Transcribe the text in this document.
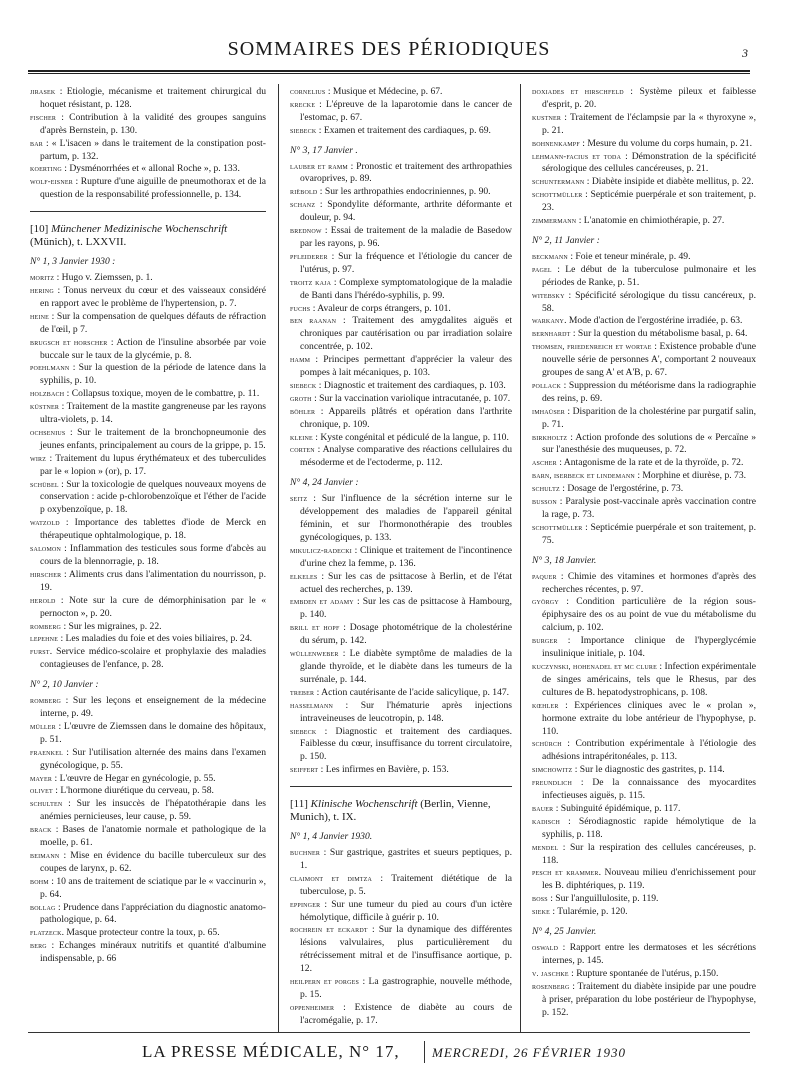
SOMMAIRES DES PÉRIODIQUES	3

jirasek : Etiologie, mécanisme et traitement chirurgical du hoquet résistant, p. 128.

fischer : Contribution à la validité des groupes sanguins d'après Bernstein, p. 130.

bar : « L'isacen » dans le traitement de la constipation post-partum, p. 132.

koerting : Dysménorrhées et « allonal Roche », p. 133.

wolf-eisner : Rupture d'une aiguille de pneumothorax et de la question de la responsabilité professionnelle, p. 134.

[10] Münchener Medizinische Wochenschrift (Münich), t. LXXVII.

N° 1, 3 Janvier 1930 :

moritz : Hugo v. Ziemssen, p. 1.

hering : Tonus nerveux du cœur et des vaisseaux considéré en rapport avec le problème de l'hypertension, p. 7.

heine : Sur la compensation de quelques défauts de réfraction de l'œil, p 7.

brugsch et horscher : Action de l'insuline absorbée par voie buccale sur le taux de la glycémie, p. 8.

poehlmann : Sur la question de la période de latence dans la syphilis, p. 10.

holzbach : Collapsus toxique, moyen de le combattre, p. 11.

küstner : Traitement de la mastite gangreneuse par les rayons ultra-violets, p. 14.

ochsenius : Sur le traitement de la bronchopneumonie des jeunes enfants, principalement au cours de la grippe, p. 15.

wirz : Traitement du lupus érythémateux et des tuberculides par le « lopion » (or), p. 17.

schübel : Sur la toxicologie de quelques nouveaux moyens de conservation : acide p-chlorobenzoïque et l'éther de l'acide p oxybenzoïque, p. 18.

watzold : Importance des tablettes d'iode de Merck en thérapeutique ophtalmologique, p. 18.

salomon : Inflammation des testicules sous forme d'abcès au cours de la blennorragie, p. 18.

hirscher : Aliments crus dans l'alimentation du nourrisson, p. 19.

herold : Note sur la cure de démorphinisation par le « pernocton », p. 20.

romberg : Sur les migraines, p. 22.

lepehne : Les maladies du foie et des voies biliaires, p. 24.

furst. Service médico-scolaire et prophylaxie des maladies contagieuses de l'enfance, p. 28.

N° 2, 10 Janvier :

romberg : Sur les leçons et enseignement de la médecine interne, p. 49.

müller : L'œuvre de Ziemssen dans le domaine des hôpitaux, p. 51.

fraenkel : Sur l'utilisation alternée des mains dans l'examen gynécologique, p. 55.

mayer : L'œuvre de Hegar en gynécologie, p. 55.

olivet : L'hormone diurétique du cerveau, p. 58.

schulten : Sur les insuccès de l'hépatothérapie dans les anémies pernicieuses, leur cause, p. 59.

brack : Bases de l'anatomie normale et pathologique de la moelle, p. 61.

beimann : Mise en évidence du bacille tuberculeux sur des coupes de larynx, p. 62.

bohm : 10 ans de traitement de sciatique par le « vaccinurin », p. 64.

bollag : Prudence dans l'appréciation du diagnostic anatomo-pathologique, p. 64.

flatzeck. Masque protecteur contre la toux, p. 65.

berg : Echanges minéraux nutritifs et quantité d'albumine indispensable, p. 66

cornelius : Musique et Médecine, p. 67.

krecke : L'épreuve de la laparotomie dans le cancer de l'estomac, p. 67.

siebeck : Examen et traitement des cardiaques, p. 69.

N° 3, 17 Janvier .

lauber et ramm : Pronostic et traitement des arthropathies ovaroprives, p. 89.

riëbold : Sur les arthropathies endocriniennes, p. 90.

schanz : Spondylite déformante, arthrite déformante et douleur, p. 94.

brednow : Essai de traitement de la maladie de Basedow par les rayons, p. 96.

pfleiderer : Sur la fréquence et l'étiologie du cancer de l'utérus, p. 97.

troitz kaja : Complexe symptomatologique de la maladie de Banti dans l'hérédo-syphilis, p. 99.

fuchs : Avaleur de corps étrangers, p. 101.

ben raanan : Traitement des amygdalites aiguës et chroniques par cautérisation ou par irradiation solaire concentrée, p. 102.

hamm : Principes permettant d'apprécier la valeur des pompes à lait mécaniques, p. 103.

siebeck : Diagnostic et traitement des cardiaques, p. 103.

groth : Sur la vaccination variolique intracutanée, p. 107.

böhler : Appareils plâtrés et opération dans l'arthrite chronique, p. 109.

kleine : Kyste congénital et pédiculé de la langue, p. 110.

corten : Analyse comparative des réactions cellulaires du mésoderme et de l'ectoderme, p. 112.

N° 4, 24 Janvier :

seitz : Sur l'influence de la sécrétion interne sur le développement des maladies de l'appareil génital féminin, et sur l'hormonothérapie des troubles gynécologiques, p. 133.

mikulicz-radecki : Clinique et traitement de l'incontinence d'urine chez la femme, p. 136.

elkeles : Sur les cas de psittacose à Berlin, et de l'état actuel des recherches, p. 139.

embden et adamy : Sur les cas de psittacose à Hambourg, p. 140.

brill et hopf : Dosage photométrique de la cholestérine du sérum, p. 142.

wüllenweber : Le diabète symptôme de maladies de la glande thyroïde, et le diabète dans les tumeurs de la surrénale, p. 144.

treber : Action cautérisante de l'acide salicylique, p. 147.

hasselmann : Sur l'hématurie après injections intraveineuses de leucotropin, p. 148.

siebeck : Diagnostic et traitement des cardiaques. Faiblesse du cœur, insuffisance du torrent circulatoire, p. 150.

seiffert : Les infirmes en Bavière, p. 153.

[11] Klinische Wochenschrift (Berlin, Vienne, Munich), t. IX.

N° 1, 4 Janvier 1930.

buchner : Sur gastrique, gastrites et sueurs peptiques, p. 1.

claimont et dimtza : Traitement diététique de la tuberculose, p. 5.

eppinger : Sur une tumeur du pied au cours d'un ictère hémolytique, difficile à guérir p. 10.

rochrein et eckardt : Sur la dynamique des différentes lésions valvulaires, plus particulièrement du rétrécissement mitral et de l'insuffisance aortique, p. 12.

heilpern et porges : La gastrographie, nouvelle méthode, p. 15.

oppenheimer : Existence de diabète au cours de l'acromégalie, p. 17.

doxiades et hirschfeld : Système pileux et faiblesse d'esprit, p. 20.

kustner : Traitement de l'éclampsie par la « thyroxyne », p. 21.

bohnenkampf : Mesure du volume du corps humain, p. 21.

lehmann-facius et toda : Démonstration de la spécificité sérologique des cellules cancéreuses, p. 21.

schuntermann : Diabète insipide et diabète mellitus, p. 22.

schottmüller : Septicémie puerpérale et son traitement, p. 23.

zimmermann : L'anatomie en chimiothérapie, p. 27.

N° 2, 11 Janvier :

beckmann : Foie et teneur minérale, p. 49.

pagel : Le début de la tuberculose pulmonaire et les périodes de Ranke, p. 51.

witebsky : Spécificité sérologique du tissu cancéreux, p. 58.

warkany. Mode d'action de l'ergostérine irradiée, p. 63.

bernhardt : Sur la question du métabolisme basal, p. 64.

thomsen, friedenreich et wortae : Existence probable d'une nouvelle série de personnes A', comportant 2 nouveaux groupes de sang A' et A'B, p. 67.

pollack : Suppression du météorisme dans la radiographie des reins, p. 69.

imhaüser : Disparition de la cholestérine par purgatif salin, p. 71.

birkholtz : Action profonde des solutions de « Percaïne » sur l'anesthésie des muqueuses, p. 72.

ascher : Antagonisme de la rate et de la thyroïde, p. 72.

barn, iserbeck et lindemann : Morphine et diurèse, p. 73.

schultz : Dosage de l'ergostérine, p. 73.

busson : Paralysie post-vaccinale après vaccination contre la rage, p. 73.

schottmüller : Septicémie puerpérale et son traitement, p. 75.

N° 3, 18 Janvier.

paquer : Chimie des vitamines et hormones d'après des recherches récentes, p. 97.

györgy : Condition particulière de la région sous-épiphysaire des os au point de vue du métabolisme du calcium, p. 102.

burger : Importance clinique de l'hyperglycémie insulinique initiale, p. 104.

kuczynski, hohenadel et mc clure : Infection expérimentale de singes américains, tels que le Rhesus, par des cultures de B. hepatodystrophicans, p. 108.

kœhler : Expériences cliniques avec le « prolan », hormone extraite du lobe antérieur de l'hypophyse, p. 110.

schürch : Contribution expérimentale à l'étiologie des adhésions intrapéritonéales, p. 113.

simchowitz : Sur le diagnostic des gastrites, p. 114.

freundlich : De la connaissance des myocardites infectieuses aiguës, p. 115.

bauer : Subinguité épidémique, p. 117.

kadisch : Sérodiagnostic rapide hémolytique de la syphilis, p. 118.

mendel : Sur la respiration des cellules cancéreuses, p. 118.

pesch et krammer. Nouveau milieu d'enrichissement pour les B. diphtériques, p. 119.

boss : Sur l'anguillulosite, p. 119.

sieke : Tularémie, p. 120.

N° 4, 25 Janvier.

oswald : Rapport entre les dermatoses et les sécrétions internes, p. 145.

v. jaschke : Rupture spontanée de l'utérus, p.150.

rosenberg : Traitement du diabète insipide par une poudre à priser, préparation du lobe postérieur de l'hypophyse, p. 152.

LA PRESSE MÉDICALE, N° 17, MERCREDI, 26 FÉVRIER 1930
